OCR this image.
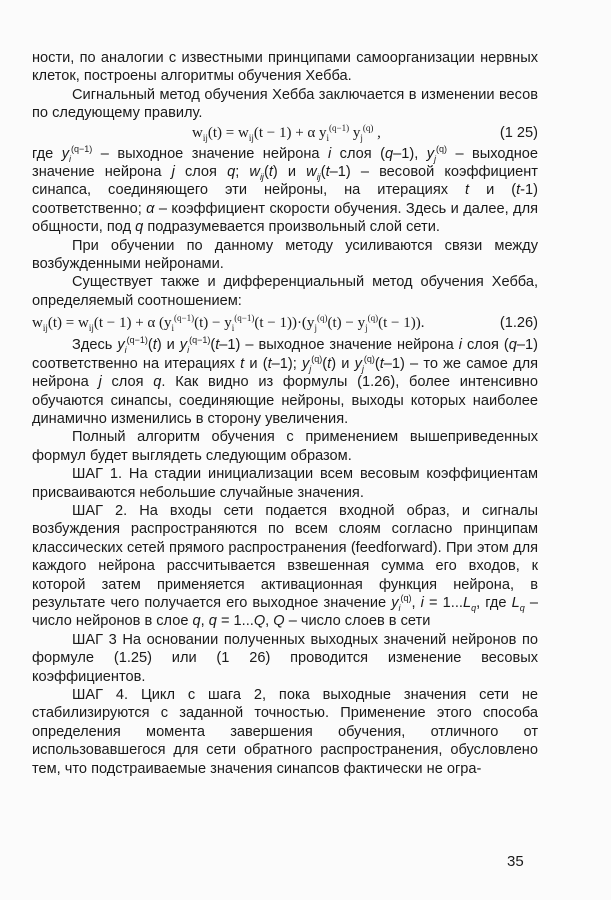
ности, по аналогии с известными принципами самоорганизации нервных клеток, построены алгоритмы обучения Хебба.

Сигнальный метод обучения Хебба заключается в изменении весов по следующему правилу.

$w_{ij}(t) = w_{ij}(t - 1) + \alpha$ $y_i^{(q-1)}$ $y_j^{(q)}$ ,	(1 25)

где $y_i^{(q-1)}$ – выходное значение нейрона i слоя (q–1), $y_j^{(q)}$ – выходное значение нейрона j слоя q; $w_{ij}(t)$ и $w_{ij}(t-1)$ – весовой коэффициент синапса, соединяющего эти нейроны, на итерациях t и (t-1) соответственно; α – коэффициент скорости обучения. Здесь и далее, для общности, под q подразумевается произвольный слой сети.

При обучении по данному методу усиливаются связи между возбужденными нейронами.

Существует также и дифференциальный метод обучения Хебба, определяемый соотношением:

$w_{ij}(t) = w_{ij}(t - 1) + \alpha$ $(y_i^{(q-1)}(t) - y_i^{(q-1)}(t - 1))\cdot(y_j^{(q)}(t) - y_j^{(q)}(t - 1))$.	(1.26)

Здесь $y_i^{(q-1)}(t)$ и $y_i^{(q-1)}(t-1)$ – выходное значение нейрона i слоя (q–1) соответственно на итерациях t и (t–1); $y_j^{(q)}(t)$ и $y_j^{(q)}(t-1)$ – то же самое для нейрона j слоя q. Как видно из формулы (1.26), более интенсивно обучаются синапсы, соединяющие нейроны, выходы которых наиболее динамично изменились в сторону увеличения.

Полный алгоритм обучения с применением вышеприведенных формул будет выглядеть следующим образом.

ШАГ 1. На стадии инициализации всем весовым коэффициентам присваиваются небольшие случайные значения.

ШАГ 2. На входы сети подается входной образ, и сигналы возбуждения распространяются по всем слоям согласно принципам классических сетей прямого распространения (feedforward). При этом для каждого нейрона рассчитывается взвешенная сумма его входов, к которой затем применяется активационная функция нейрона, в результате чего получается его выходное значение $y_i^{(q)}$, $i = 1...L_q$, где $L_q$ – число нейронов в слое q, q = 1...Q, Q – число слоев в сети

ШАГ 3 На основании полученных выходных значений нейронов по формуле (1.25) или (1 26) проводится изменение весовых коэффициентов.

ШАГ 4. Цикл с шага 2, пока выходные значения сети не стабилизируются с заданной точностью. Применение этого способа определения момента завершения обучения, отличного от использовавшегося для сети обратного распространения, обусловлено тем, что подстраиваемые значения синапсов фактически не огра-

35
